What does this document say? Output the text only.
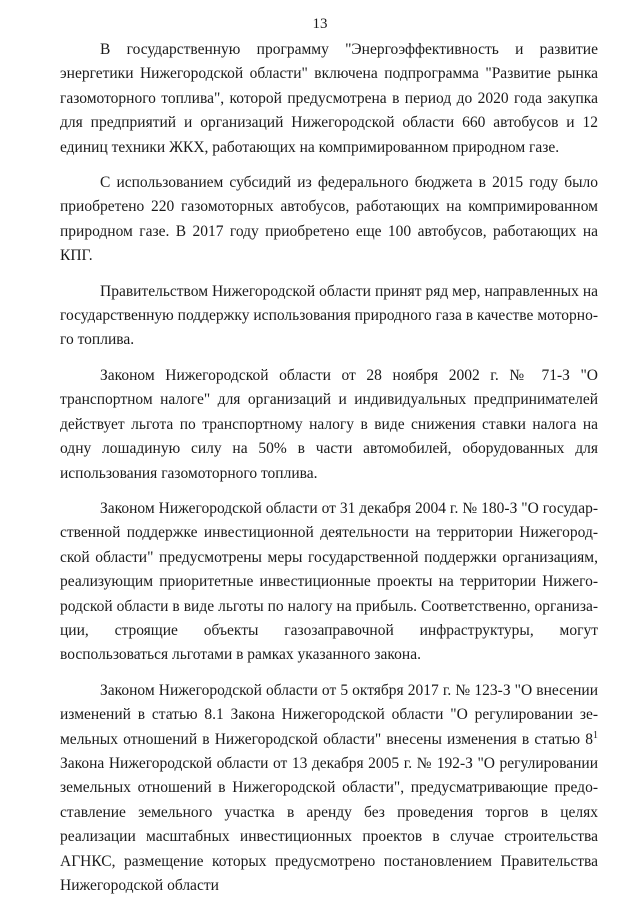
13

В государственную программу "Энергоэффективность и развитие энергетики Нижегородской области" включена подпрограмма "Развитие рынка газомоторного топлива", которой предусмотрена в период до 2020 года закупка для предприятий и организаций Нижегородской области 660 автобусов и 12 единиц техники ЖКХ, работающих на компримированном природном газе.

С использованием субсидий из федерального бюджета в 2015 году было приобретено 220 газомоторных автобусов, работающих на компримированном природном газе. В 2017 году приобретено еще 100 автобусов, работающих на КПГ.

Правительством Нижегородской области принят ряд мер, направленных на государственную поддержку использования природного газа в качестве моторного топлива.

Законом Нижегородской области от 28 ноября 2002 г. № 71-З "О транспортном налоге" для организаций и индивидуальных предпринимателей действует льгота по транспортному налогу в виде снижения ставки налога на одну лошадиную силу на 50% в части автомобилей, оборудованных для использования газомоторного топлива.

Законом Нижегородской области от 31 декабря 2004 г. № 180-З "О государственной поддержке инвестиционной деятельности на территории Нижегородской области" предусмотрены меры государственной поддержки организациям, реализующим приоритетные инвестиционные проекты на территории Нижегородской области в виде льготы по налогу на прибыль. Соответственно, организации, строящие объекты газозаправочной инфраструктуры, могут воспользоваться льготами в рамках указанного закона.

Законом Нижегородской области от 5 октября 2017 г. № 123-З "О внесении изменений в статью 8.1 Закона Нижегородской области "О регулировании земельных отношений в Нижегородской области" внесены изменения в статью $8^1$ Закона Нижегородской области от 13 декабря 2005 г. № 192-З "О регулировании земельных отношений в Нижегородской области", предусматривающие предоставление земельного участка в аренду без проведения торгов в целях реализации масштабных инвестиционных проектов в случае строительства АГНКС, размещение которых предусмотрено постановлением Правительства Нижегородской области
